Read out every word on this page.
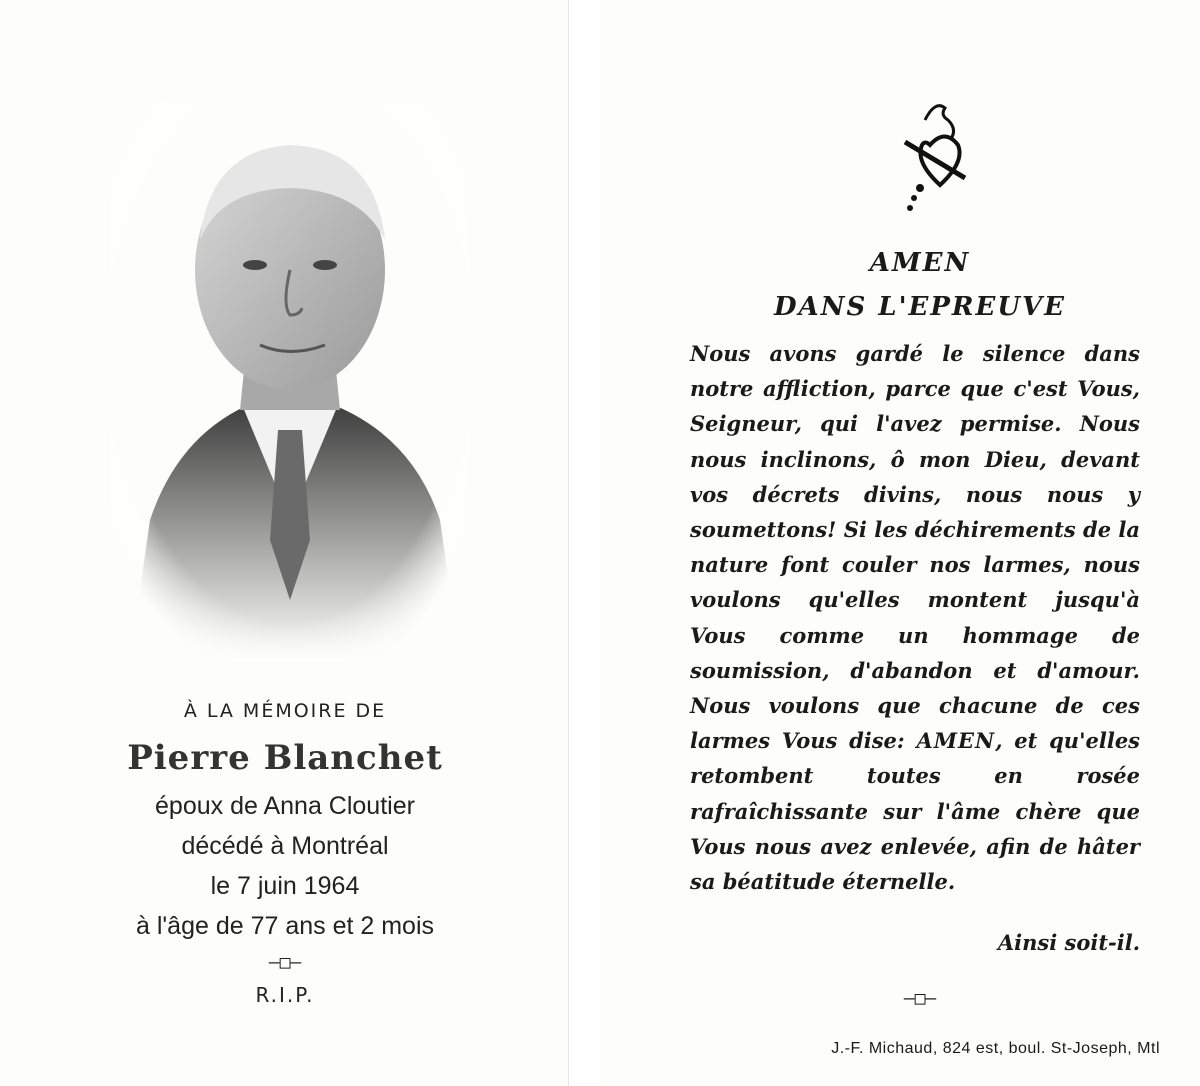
À LA MÉMOIRE DE
Pierre Blanchet
époux de Anna Cloutier
décédé à Montréal
le 7 juin 1964
à l'âge de 77 ans et 2 mois
—□—
R.I.P.
AMEN
DANS L'EPREUVE

Nous avons gardé le silence dans notre affliction, parce que c'est Vous, Seigneur, qui l'avez permise. Nous nous inclinons, ô mon Dieu, devant vos décrets divins, nous nous y soumettons! Si les déchirements de la nature font couler nos larmes, nous voulons qu'elles montent jusqu'à Vous comme un hommage de soumission, d'abandon et d'amour. Nous voulons que chacune de ces larmes Vous dise: AMEN, et qu'elles retombent toutes en rosée rafraîchissante sur l'âme chère que Vous nous avez enlevée, afin de hâter sa béatitude éternelle.

Ainsi soit-il.
—□—
J.-F. Michaud, 824 est, boul. St-Joseph, Mtl
